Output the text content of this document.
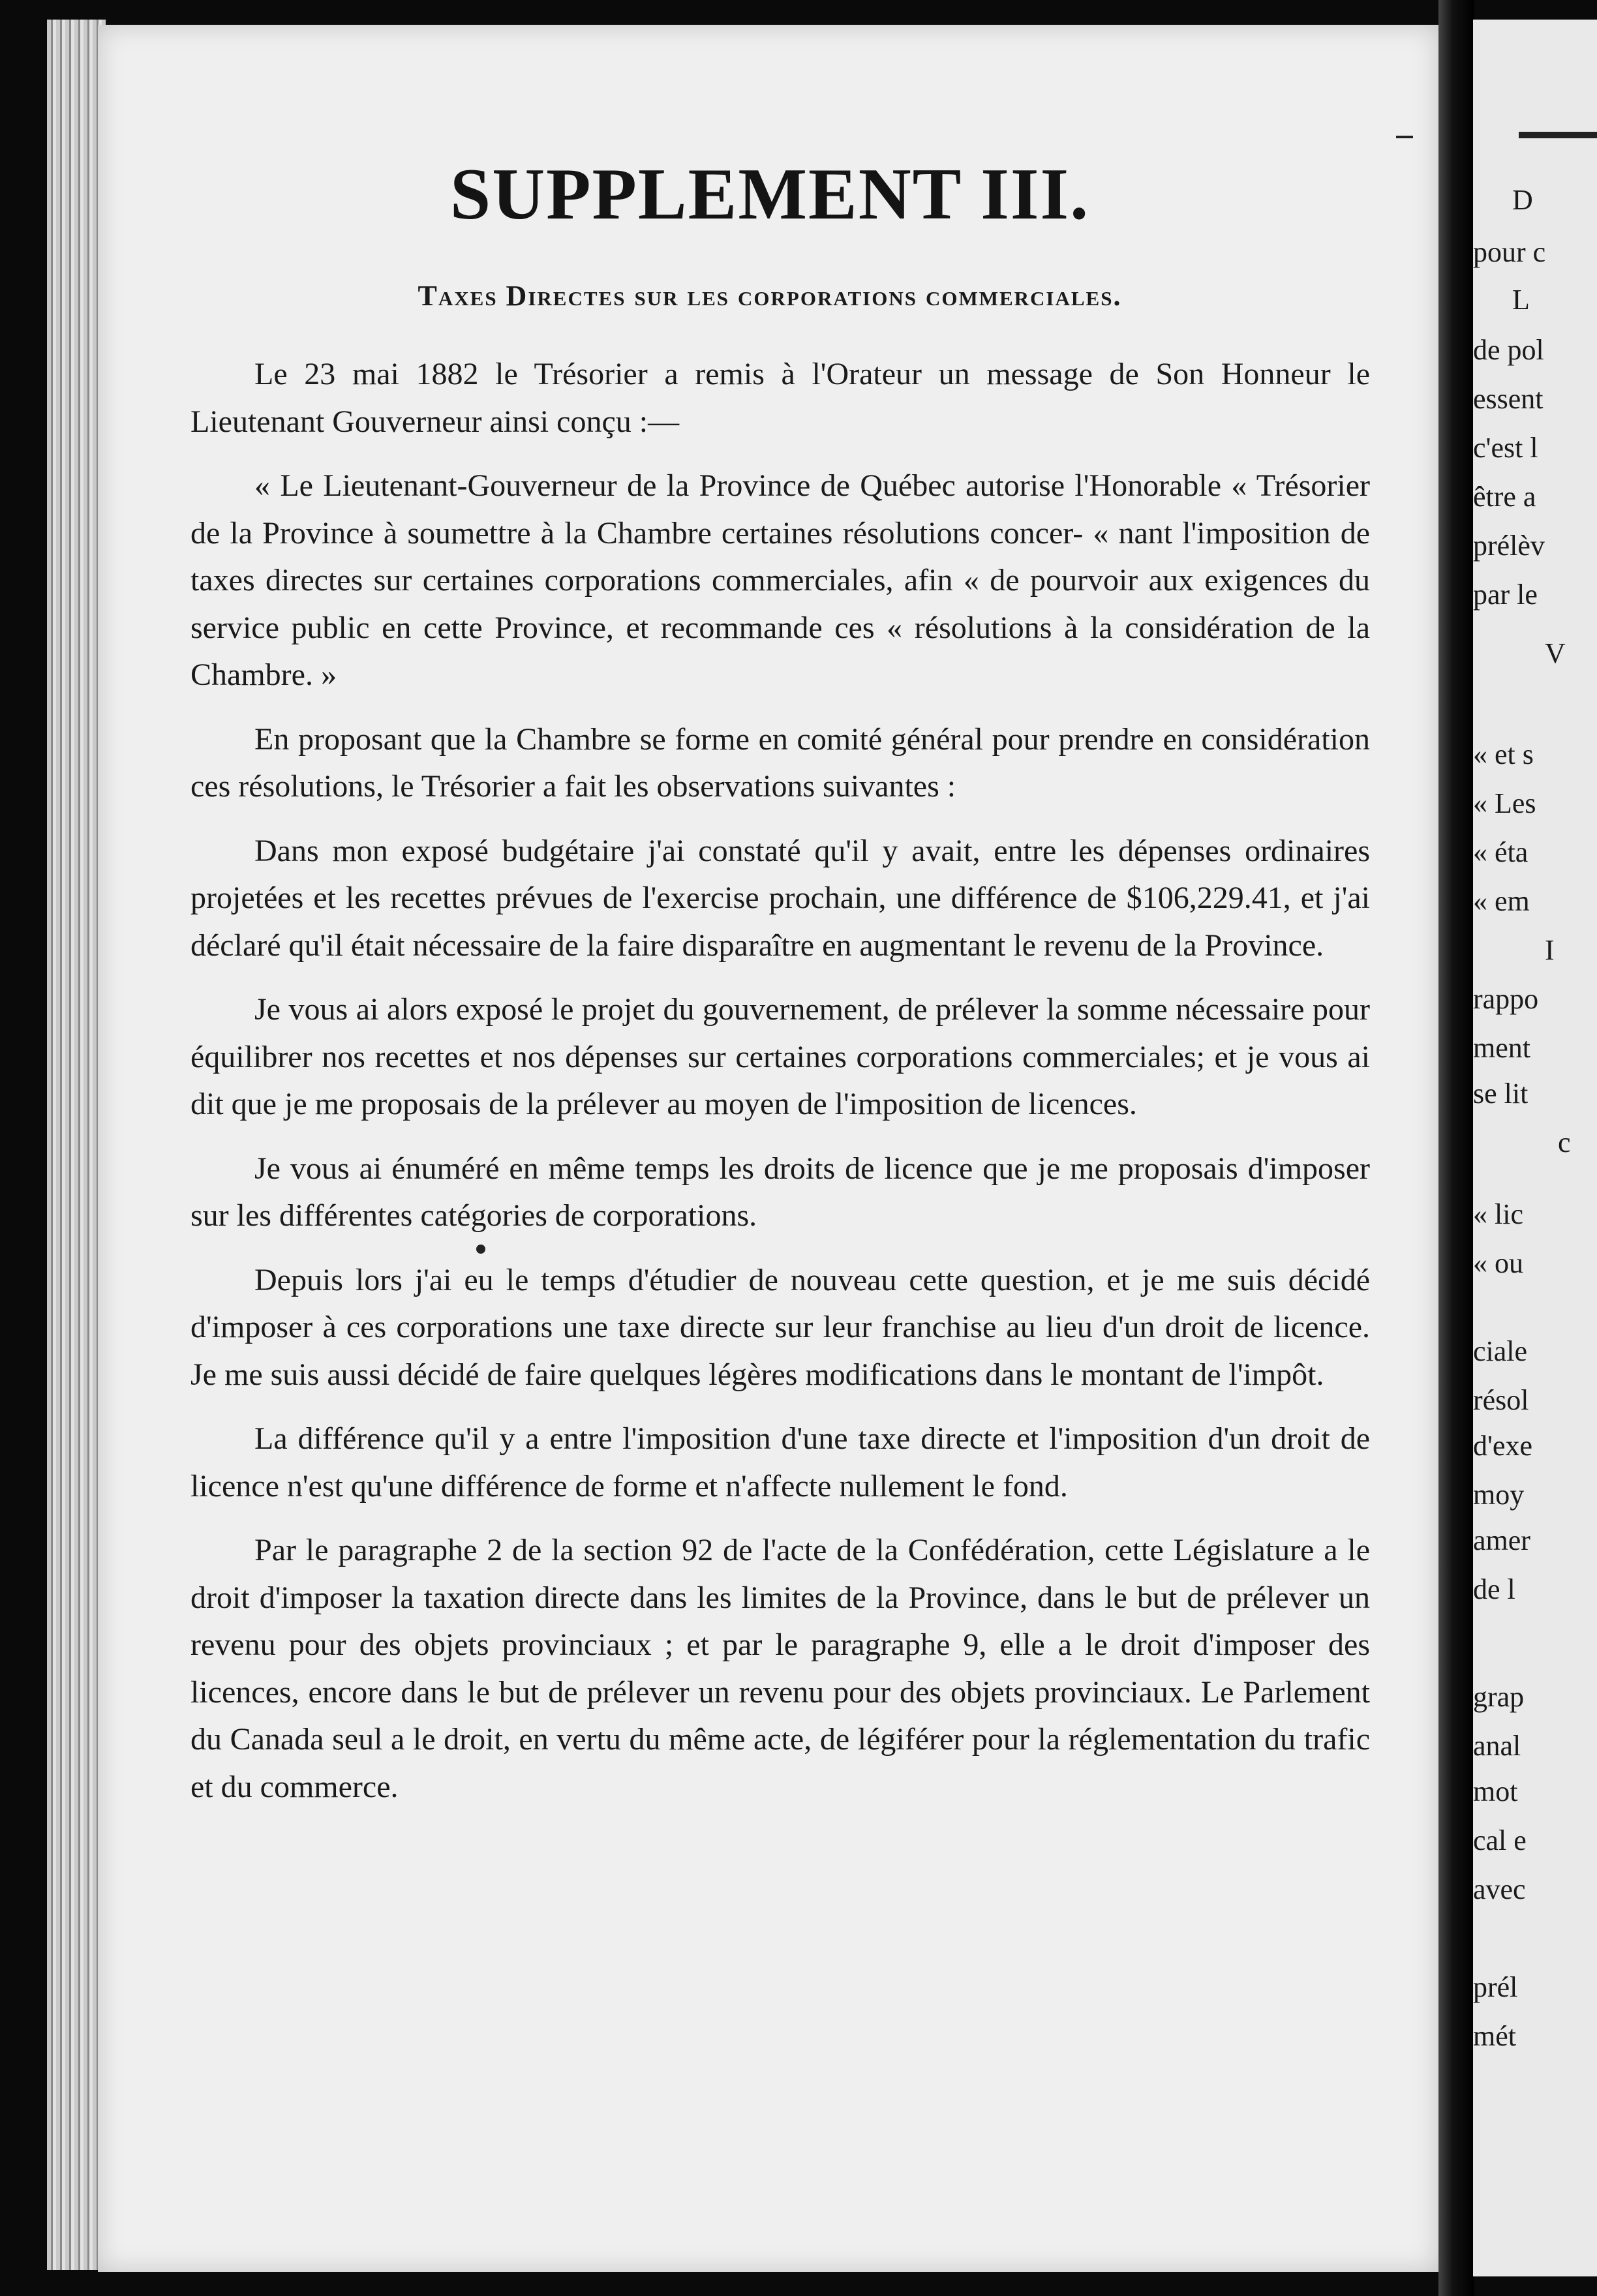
SUPPLEMENT III.
Taxes Directes sur les corporations commerciales.

Le 23 mai 1882 le Trésorier a remis à l'Orateur un message de Son Honneur le Lieutenant Gouverneur ainsi conçu :—

« Le Lieutenant-Gouverneur de la Province de Québec autorise l'Honorable « Trésorier de la Province à soumettre à la Chambre certaines résolutions concer- « nant l'imposition de taxes directes sur certaines corporations commerciales, afin « de pourvoir aux exigences du service public en cette Province, et recommande ces « résolutions à la considération de la Chambre. »

En proposant que la Chambre se forme en comité général pour prendre en considération ces résolutions, le Trésorier a fait les observations suivantes :

Dans mon exposé budgétaire j'ai constaté qu'il y avait, entre les dépenses ordinaires projetées et les recettes prévues de l'exercise prochain, une différence de $106,229.41, et j'ai déclaré qu'il était nécessaire de la faire disparaître en augmentant le revenu de la Province.

Je vous ai alors exposé le projet du gouvernement, de prélever la somme nécessaire pour équilibrer nos recettes et nos dépenses sur certaines corporations commerciales; et je vous ai dit que je me proposais de la prélever au moyen de l'imposition de licences.

Je vous ai énuméré en même temps les droits de licence que je me proposais d'imposer sur les différentes catégories de corporations.

Depuis lors j'ai eu le temps d'étudier de nouveau cette question, et je me suis décidé d'imposer à ces corporations une taxe directe sur leur franchise au lieu d'un droit de licence. Je me suis aussi décidé de faire quelques légères modifications dans le montant de l'impôt.

La différence qu'il y a entre l'imposition d'une taxe directe et l'imposition d'un droit de licence n'est qu'une différence de forme et n'affecte nullement le fond.

Par le paragraphe 2 de la section 92 de l'acte de la Confédération, cette Législature a le droit d'imposer la taxation directe dans les limites de la Province, dans le but de prélever un revenu pour des objets provinciaux ; et par le paragraphe 9, elle a le droit d'imposer des licences, encore dans le but de prélever un revenu pour des objets provinciaux. Le Parlement du Canada seul a le droit, en vertu du même acte, de légiférer pour la réglementation du trafic et du commerce.

D
pour c
L
de pol
essent
c'est l
être a
prélèv
par le
V
« et s
« Les
« éta
« em
I
rappo
ment
se lit
c
« lic
« ou
ciale
résol
d'exe
moy
amer
de l
grap
anal
mot
cal e
avec
prél
mét
